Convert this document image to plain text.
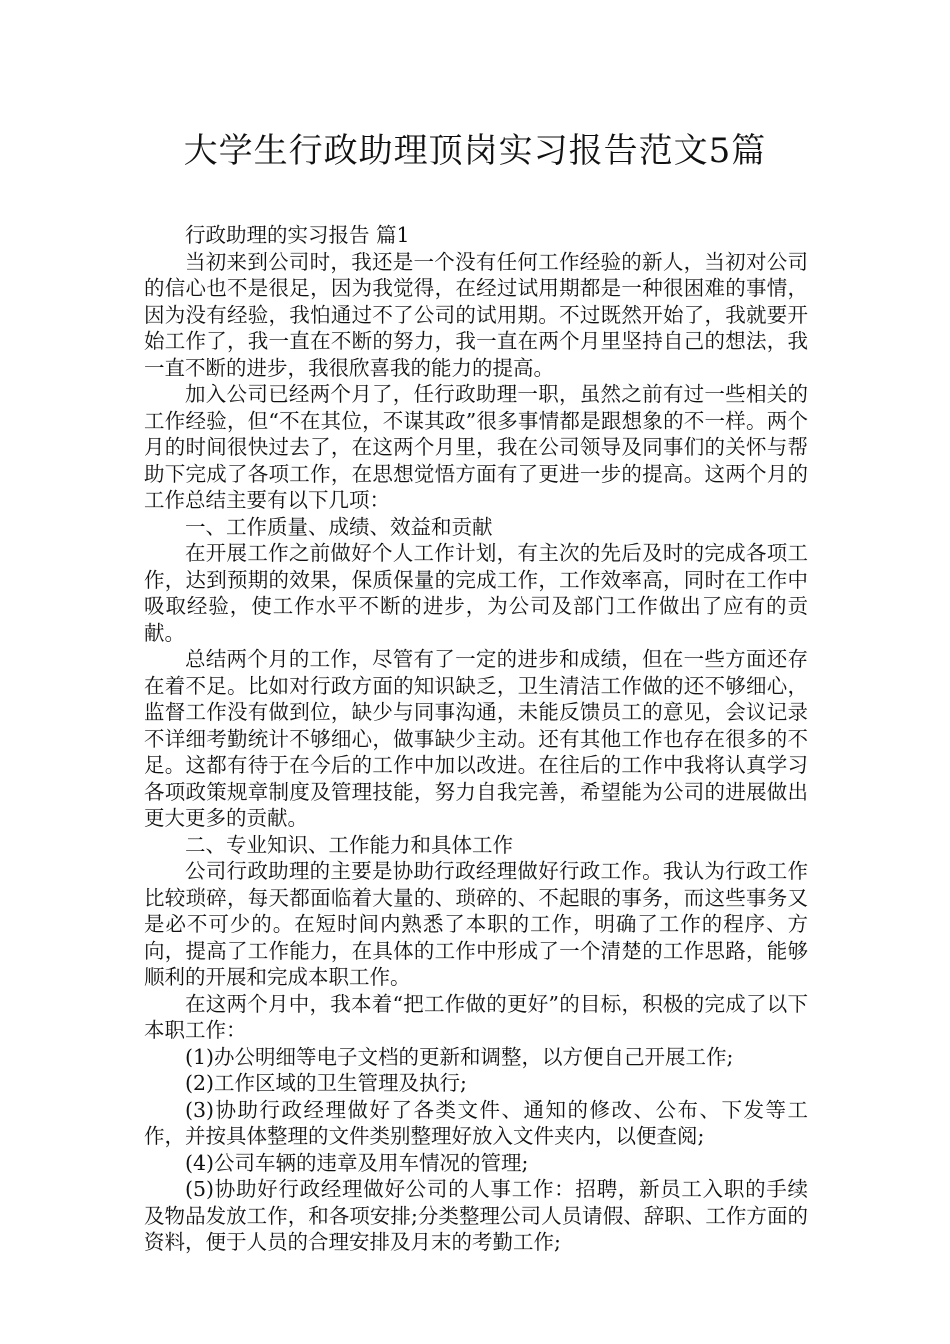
大学生行政助理顶岗实习报告范文5篇

行政助理的实习报告 篇1

当初来到公司时，我还是一个没有任何工作经验的新人，当初对公司的信心也不是很足，因为我觉得，在经过试用期都是一种很困难的事情，因为没有经验，我怕通过不了公司的试用期。不过既然开始了，我就要开始工作了，我一直在不断的努力，我一直在两个月里坚持自己的想法，我一直不断的进步，我很欣喜我的能力的提高。

加入公司已经两个月了，任行政助理一职，虽然之前有过一些相关的工作经验，但“不在其位，不谋其政”很多事情都是跟想象的不一样。两个月的时间很快过去了，在这两个月里，我在公司领导及同事们的关怀与帮助下完成了各项工作，在思想觉悟方面有了更进一步的提高。这两个月的工作总结主要有以下几项：

一、工作质量、成绩、效益和贡献

在开展工作之前做好个人工作计划，有主次的先后及时的完成各项工作，达到预期的效果，保质保量的完成工作，工作效率高，同时在工作中吸取经验，使工作水平不断的进步，为公司及部门工作做出了应有的贡献。

总结两个月的工作，尽管有了一定的进步和成绩，但在一些方面还存在着不足。比如对行政方面的知识缺乏，卫生清洁工作做的还不够细心，监督工作没有做到位，缺少与同事沟通，未能反馈员工的意见，会议记录不详细考勤统计不够细心，做事缺少主动。还有其他工作也存在很多的不足。这都有待于在今后的工作中加以改进。在往后的工作中我将认真学习各项政策规章制度及管理技能，努力自我完善，希望能为公司的进展做出更大更多的贡献。

二、专业知识、工作能力和具体工作

公司行政助理的主要是协助行政经理做好行政工作。我认为行政工作比较琐碎，每天都面临着大量的、琐碎的、不起眼的事务，而这些事务又是必不可少的。在短时间内熟悉了本职的工作，明确了工作的程序、方向，提高了工作能力，在具体的工作中形成了一个清楚的工作思路，能够顺利的开展和完成本职工作。

在这两个月中，我本着“把工作做的更好”的目标，积极的完成了以下本职工作：

(1)办公明细等电子文档的更新和调整，以方便自己开展工作;

(2)工作区域的卫生管理及执行;

(3)协助行政经理做好了各类文件、通知的修改、公布、下发等工作，并按具体整理的文件类别整理好放入文件夹内，以便查阅;

(4)公司车辆的违章及用车情况的管理;

(5)协助好行政经理做好公司的人事工作：招聘，新员工入职的手续及物品发放工作，和各项安排;分类整理公司人员请假、辞职、工作方面的资料，便于人员的合理安排及月末的考勤工作;
